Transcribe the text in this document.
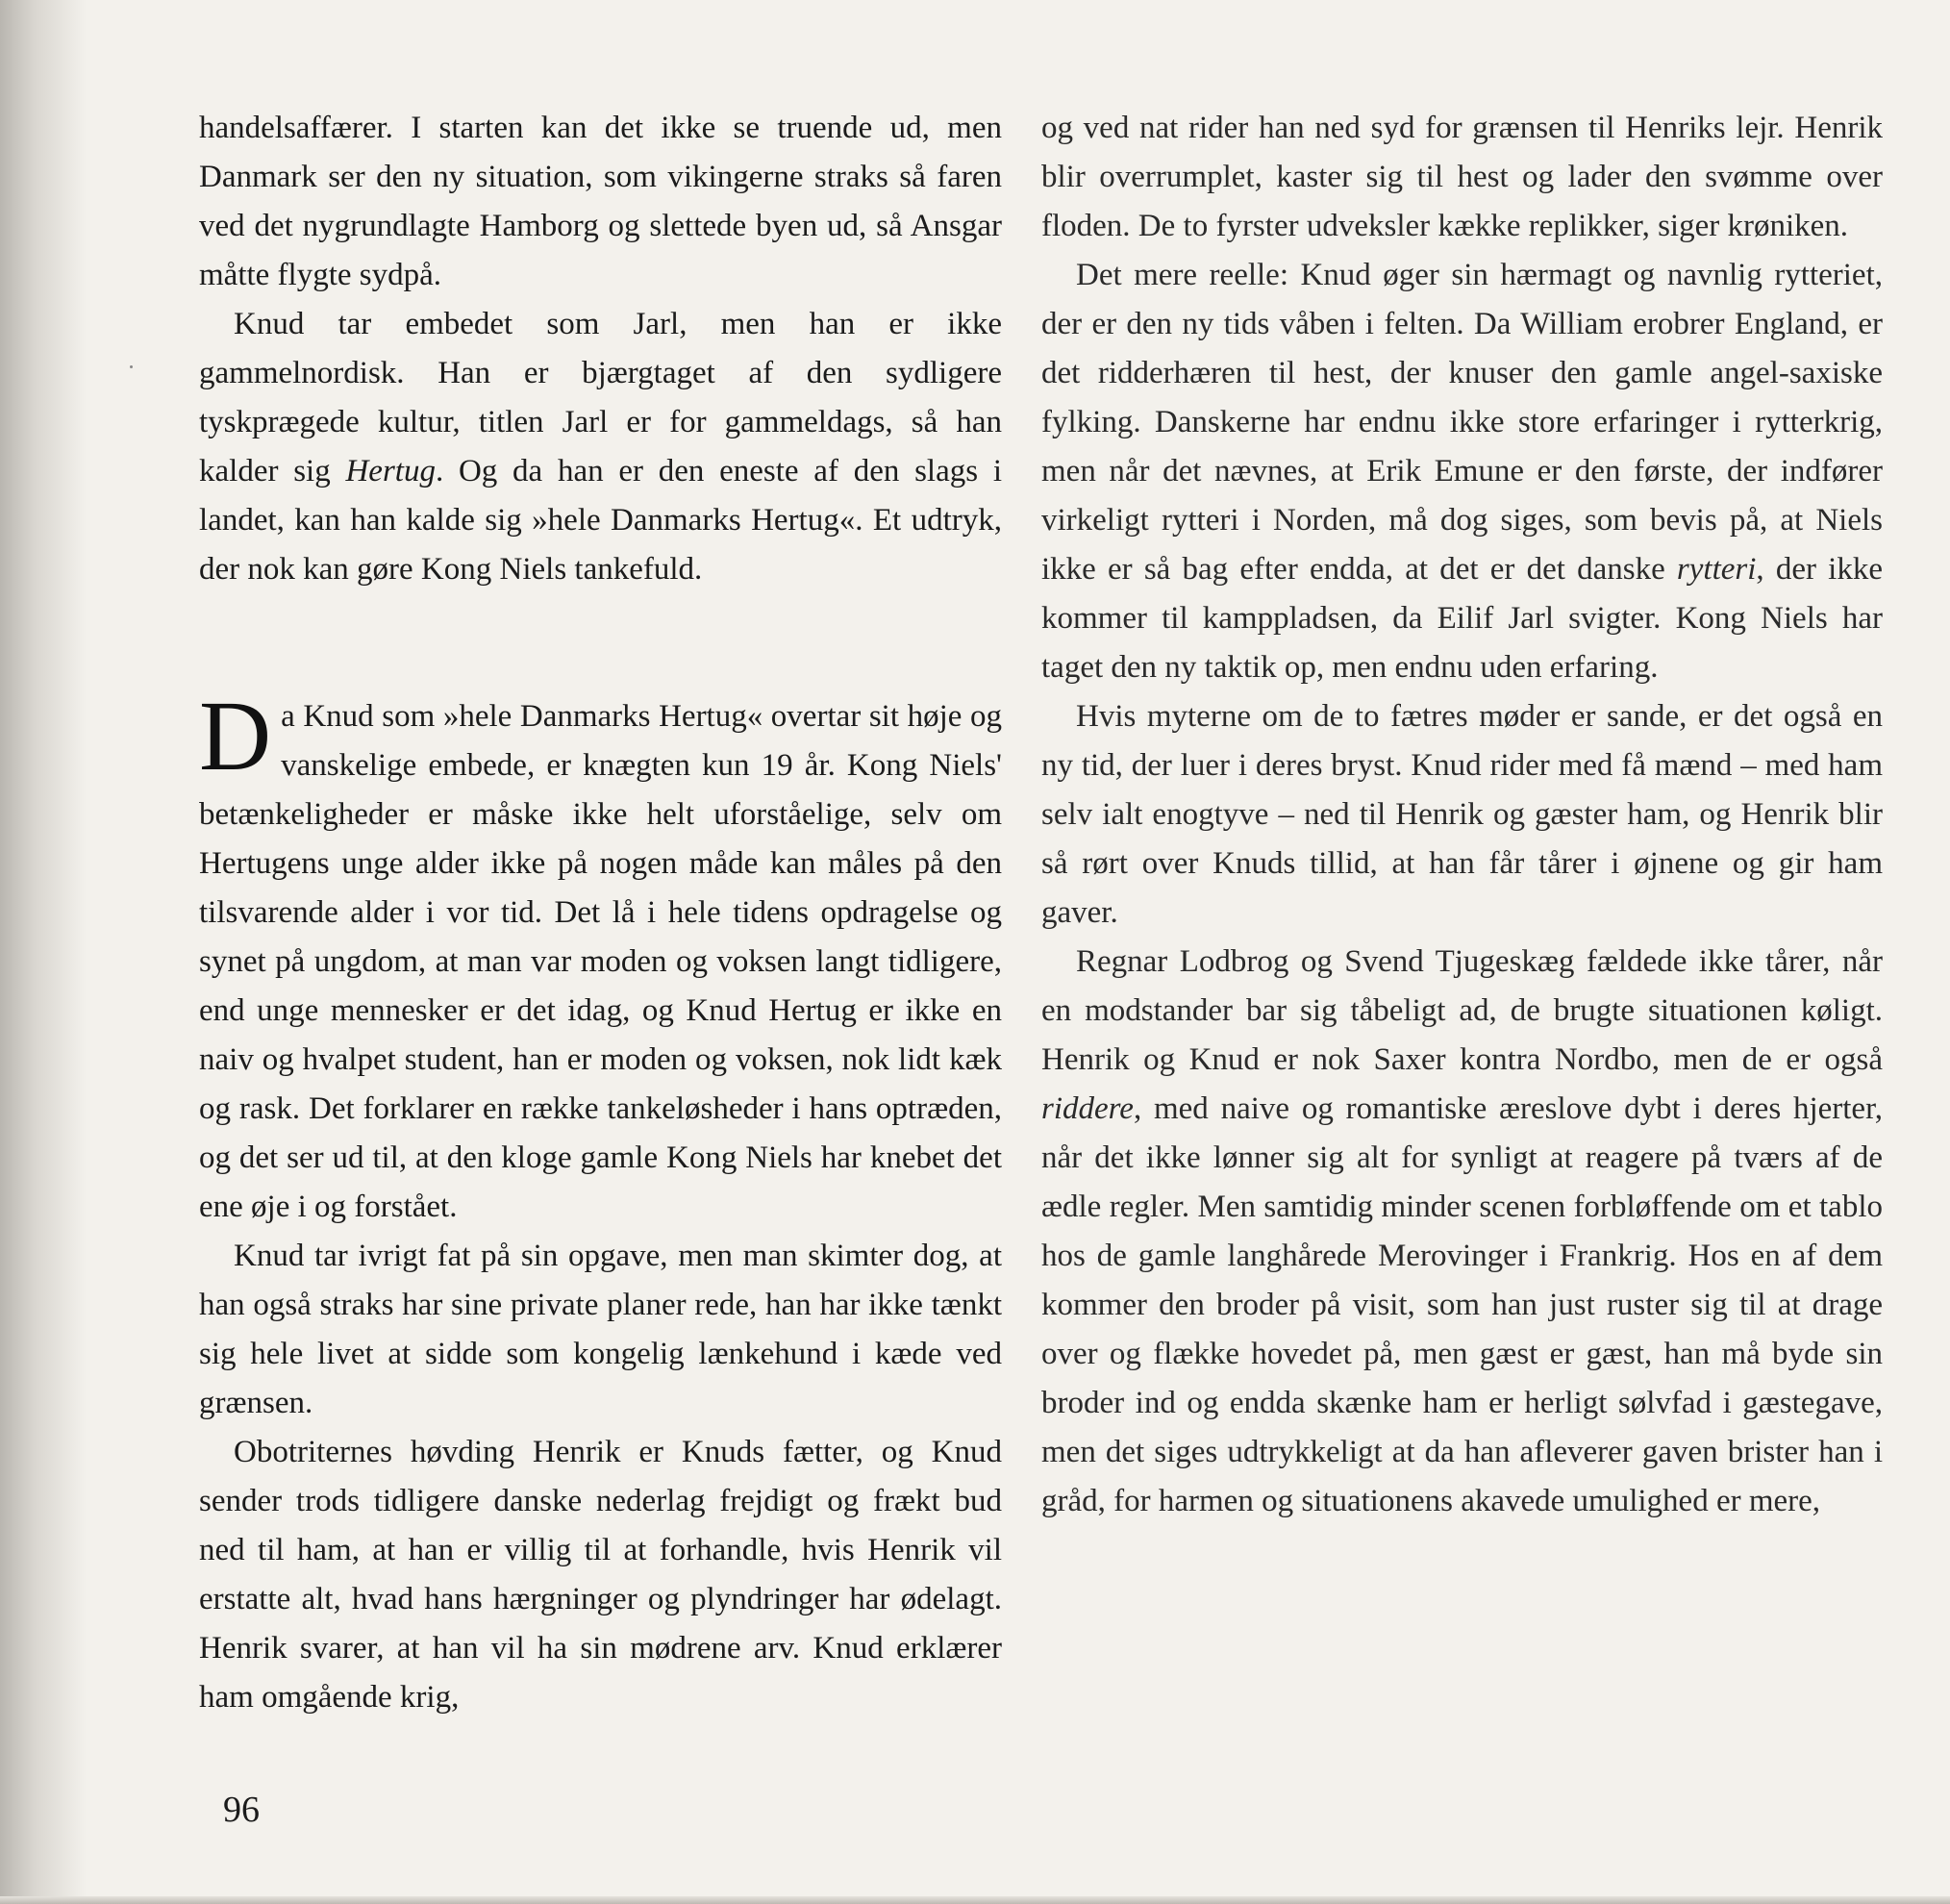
handelsaffærer. I starten kan det ikke se truende ud, men Danmark ser den ny situation, som vikingerne straks så faren ved det nygrundlagte Hamborg og slettede byen ud, så Ansgar måtte flygte sydpå.

Knud tar embedet som Jarl, men han er ikke gammelnordisk. Han er bjærgtaget af den sydligere tyskprægede kultur, titlen Jarl er for gammeldags, så han kalder sig Hertug. Og da han er den eneste af den slags i landet, kan han kalde sig »hele Danmarks Hertug«. Et udtryk, der nok kan gøre Kong Niels tankefuld.

Da Knud som »hele Danmarks Hertug« overtar sit høje og vanskelige embede, er knægten kun 19 år. Kong Niels' betænkeligheder er måske ikke helt uforståelige, selv om Hertugens unge alder ikke på nogen måde kan måles på den tilsvarende alder i vor tid. Det lå i hele tidens opdragelse og synet på ungdom, at man var moden og voksen langt tidligere, end unge mennesker er det idag, og Knud Hertug er ikke en naiv og hvalpet student, han er moden og voksen, nok lidt kæk og rask. Det forklarer en række tankeløsheder i hans optræden, og det ser ud til, at den kloge gamle Kong Niels har knebet det ene øje i og forstået.

Knud tar ivrigt fat på sin opgave, men man skimter dog, at han også straks har sine private planer rede, han har ikke tænkt sig hele livet at sidde som kongelig lænkehund i kæde ved grænsen.

Obotriternes høvding Henrik er Knuds fætter, og Knud sender trods tidligere danske nederlag frejdigt og frækt bud ned til ham, at han er villig til at forhandle, hvis Henrik vil erstatte alt, hvad hans hærgninger og plyndringer har ødelagt. Henrik svarer, at han vil ha sin mødrene arv. Knud erklærer ham omgående krig,

og ved nat rider han ned syd for grænsen til Henriks lejr. Henrik blir overrumplet, kaster sig til hest og lader den svømme over floden. De to fyrster udveksler kække replikker, siger krøniken.

Det mere reelle: Knud øger sin hærmagt og navnlig rytteriet, der er den ny tids våben i felten. Da William erobrer England, er det ridderhæren til hest, der knuser den gamle angel-saxiske fylking. Danskerne har endnu ikke store erfaringer i rytterkrig, men når det nævnes, at Erik Emune er den første, der indfører virkeligt rytteri i Norden, må dog siges, som bevis på, at Niels ikke er så bag efter endda, at det er det danske rytteri, der ikke kommer til kamppladsen, da Eilif Jarl svigter. Kong Niels har taget den ny taktik op, men endnu uden erfaring.

Hvis myterne om de to fætres møder er sande, er det også en ny tid, der luer i deres bryst. Knud rider med få mænd – med ham selv ialt enogtyve – ned til Henrik og gæster ham, og Henrik blir så rørt over Knuds tillid, at han får tårer i øjnene og gir ham gaver.

Regnar Lodbrog og Svend Tjugeskæg fældede ikke tårer, når en modstander bar sig tåbeligt ad, de brugte situationen køligt. Henrik og Knud er nok Saxer kontra Nordbo, men de er også riddere, med naive og romantiske æreslove dybt i deres hjerter, når det ikke lønner sig alt for synligt at reagere på tværs af de ædle regler. Men samtidig minder scenen forbløffende om et tablo hos de gamle langhårede Merovinger i Frankrig. Hos en af dem kommer den broder på visit, som han just ruster sig til at drage over og flække hovedet på, men gæst er gæst, han må byde sin broder ind og endda skænke ham er herligt sølvfad i gæstegave, men det siges udtrykkeligt at da han afleverer gaven brister han i gråd, for harmen og situationens akavede umulighed er mere,

96
